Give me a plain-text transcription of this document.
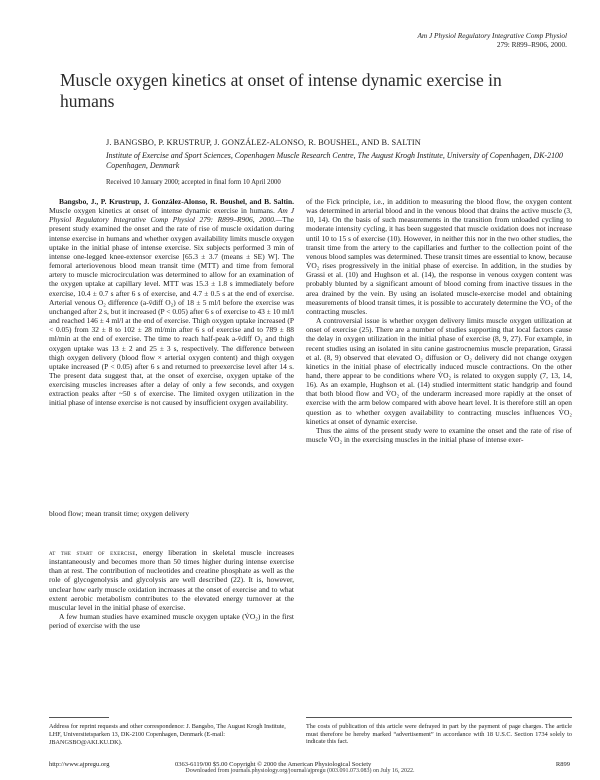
Am J Physiol Regulatory Integrative Comp Physiol
279: R899–R906, 2000.
Muscle oxygen kinetics at onset of intense dynamic exercise in humans
J. BANGSBO, P. KRUSTRUP, J. GONZÁLEZ-ALONSO, R. BOUSHEL, AND B. SALTIN
Institute of Exercise and Sport Sciences, Copenhagen Muscle Research Centre, The August Krogh Institute, University of Copenhagen, DK-2100 Copenhagen, Denmark
Received 10 January 2000; accepted in final form 10 April 2000

Bangsbo, J., P. Krustrup, J. González-Alonso, R. Boushel, and B. Saltin. Muscle oxygen kinetics at onset of intense dynamic exercise in humans. Am J Physiol Regulatory Integrative Comp Physiol 279: R899–R906, 2000.—The present study examined the onset and the rate of rise of muscle oxidation during intense exercise in humans and whether oxygen availability limits muscle oxygen uptake in the initial phase of intense exercise. Six subjects performed 3 min of intense one-legged knee-extensor exercise [65.3 ± 3.7 (means ± SE) W]. The femoral arteriovenous blood mean transit time (MTT) and time from femoral artery to muscle microcirculation was determined to allow for an examination of the oxygen uptake at capillary level. MTT was 15.3 ± 1.8 s immediately before exercise, 10.4 ± 0.7 s after 6 s of exercise, and 4.7 ± 0.5 s at the end of exercise. Arterial venous O₂ difference (a-v̄diff O₂) of 18 ± 5 ml/l before the exercise was unchanged after 2 s, but it increased (P < 0.05) after 6 s of exercise to 43 ± 10 ml/l and reached 146 ± 4 ml/l at the end of exercise. Thigh oxygen uptake increased (P < 0.05) from 32 ± 8 to 102 ± 28 ml/min after 6 s of exercise and to 789 ± 88 ml/min at the end of exercise. The time to reach half-peak a-v̄diff O₂ and thigh oxygen uptake was 13 ± 2 and 25 ± 3 s, respectively. The difference between thigh oxygen delivery (blood flow × arterial oxygen content) and thigh oxygen uptake increased (P < 0.05) after 6 s and returned to preexercise level after 14 s. The present data suggest that, at the onset of exercise, oxygen uptake of the exercising muscles increases after a delay of only a few seconds, and oxygen extraction peaks after ~50 s of exercise. The limited oxygen utilization in the initial phase of intense exercise is not caused by insufficient oxygen availability.

blood flow; mean transit time; oxygen delivery

at the start of exercise, energy liberation in skeletal muscle increases instantaneously and becomes more than 50 times higher during intense exercise than at rest. The contribution of nucleotides and creatine phosphate as well as the role of glycogenolysis and glycolysis are well described (22). It is, however, unclear how early muscle oxidation increases at the onset of exercise and to what extent aerobic metabolism contributes to the elevated energy turnover at the muscular level in the initial phase of exercise.

A few human studies have examined muscle oxygen uptake (V̇O₂) in the first period of exercise with the use

of the Fick principle, i.e., in addition to measuring the blood flow, the oxygen content was determined in arterial blood and in the venous blood that drains the active muscle (3, 10, 14). On the basis of such measurements in the transition from unloaded cycling to moderate intensity cycling, it has been suggested that muscle oxidation does not increase until 10 to 15 s of exercise (10). However, in neither this nor in the two other studies, the transit time from the artery to the capillaries and further to the collection point of the venous blood samples was determined. These transit times are essential to know, because V̇O₂ rises progressively in the initial phase of exercise. In addition, in the studies by Grassi et al. (10) and Hughson et al. (14), the response in venous oxygen content was probably blunted by a significant amount of blood coming from inactive tissues in the area drained by the vein. By using an isolated muscle-exercise model and obtaining measurements of blood transit times, it is possible to accurately determine the V̇O₂ of the contracting muscles.

A controversial issue is whether oxygen delivery limits muscle oxygen utilization at onset of exercise (25). There are a number of studies supporting that local factors cause the delay in oxygen utilization in the initial phase of exercise (8, 9, 27). For example, in recent studies using an isolated in situ canine gastrocnemius muscle preparation, Grassi et al. (8, 9) observed that elevated O₂ diffusion or O₂ delivery did not change oxygen kinetics in the initial phase of electrically induced muscle contractions. On the other hand, there appear to be conditions where V̇O₂ is related to oxygen supply (7, 13, 14, 16). As an example, Hughson et al. (14) studied intermittent static handgrip and found that both blood flow and V̇O₂ of the underarm increased more rapidly at the onset of exercise with the arm below compared with above heart level. It is therefore still an open question as to whether oxygen availability to contracting muscles influences V̇O₂ kinetics at onset of dynamic exercise.

Thus the aims of the present study were to examine the onset and the rate of rise of muscle V̇O₂ in the exercising muscles in the initial phase of intense exer-

Address for reprint requests and other correspondence: J. Bangsbo, The August Krogh Institute, LHF, Universitetsparken 13, DK-2100 Copenhagen, Denmark (E-mail: JBANGSBO@AKI.KU.DK).
The costs of publication of this article were defrayed in part by the payment of page charges. The article must therefore be hereby marked “advertisement” in accordance with 18 U.S.C. Section 1734 solely to indicate this fact.
http://www.ajpregu.org	0363-6119/00 $5.00 Copyright © 2000 the American Physiological Society	R899
Downloaded from journals.physiology.org/journal/ajpregu (003.091.073.083) on July 16, 2022.
